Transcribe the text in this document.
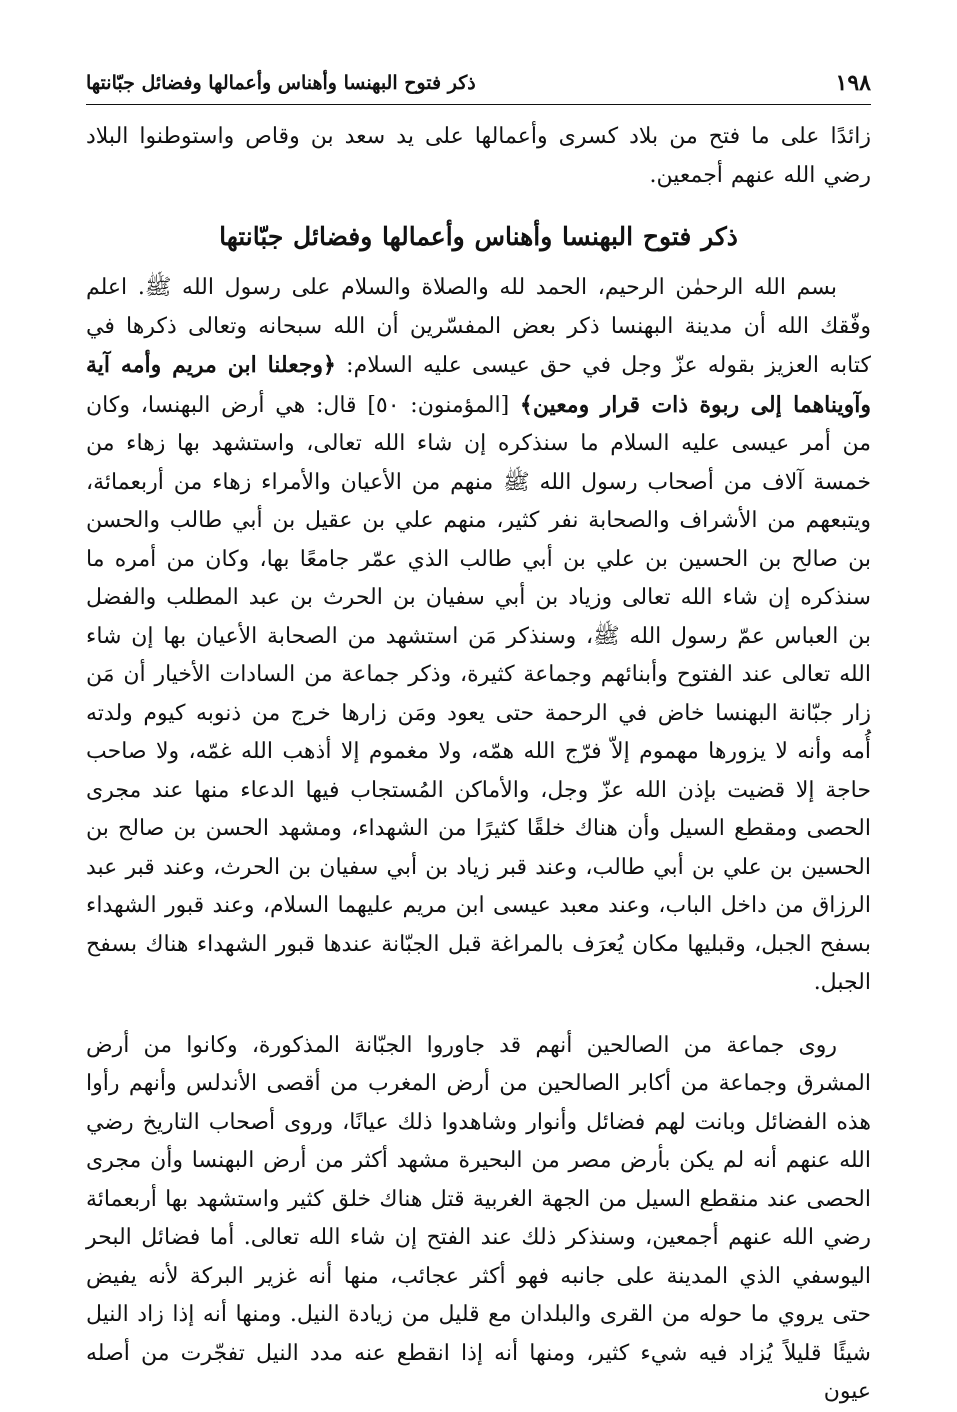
١٩٨
ذكر فتوح البهنسا وأهناس وأعمالها وفضائل جبّانتها

زائدًا على ما فتح من بلاد كسرى وأعمالها على يد سعد بن وقاص واستوطنوا البلاد رضي الله عنهم أجمعين.

ذكر فتوح البهنسا وأهناس وأعمالها وفضائل جبّانتها

بسم الله الرحمٰن الرحيم، الحمد لله والصلاة والسلام على رسول الله ﷺ. اعلم وفّقك الله أن مدينة البهنسا ذكر بعض المفسّرين أن الله سبحانه وتعالى ذكرها في كتابه العزيز بقوله عزّ وجل في حق عيسى عليه السلام: ﴿وجعلنا ابن مريم وأمه آية وآويناهما إلى ربوة ذات قرار ومعين﴾ [المؤمنون: ٥٠] قال: هي أرض البهنسا، وكان من أمر عيسى عليه السلام ما سنذكره إن شاء الله تعالى، واستشهد بها زهاء من خمسة آلاف من أصحاب رسول الله ﷺ منهم من الأعيان والأمراء زهاء من أربعمائة، ويتبعهم من الأشراف والصحابة نفر كثير، منهم علي بن عقيل بن أبي طالب والحسن بن صالح بن الحسين بن علي بن أبي طالب الذي عمّر جامعًا بها، وكان من أمره ما سنذكره إن شاء الله تعالى وزياد بن أبي سفيان بن الحرث بن عبد المطلب والفضل بن العباس عمّ رسول الله ﷺ، وسنذكر مَن استشهد من الصحابة الأعيان بها إن شاء الله تعالى عند الفتوح وأبنائهم وجماعة كثيرة، وذكر جماعة من السادات الأخيار أن مَن زار جبّانة البهنسا خاض في الرحمة حتى يعود ومَن زارها خرج من ذنوبه كيوم ولدته أُمه وأنه لا يزورها مهموم إلاّ فرّج الله همّه، ولا مغموم إلا أذهب الله غمّه، ولا صاحب حاجة إلا قضيت بإذن الله عزّ وجل، والأماكن المُستجاب فيها الدعاء منها عند مجرى الحصى ومقطع السيل وأن هناك خلقًا كثيرًا من الشهداء، ومشهد الحسن بن صالح بن الحسين بن علي بن أبي طالب، وعند قبر زياد بن أبي سفيان بن الحرث، وعند قبر عبد الرزاق من داخل الباب، وعند معبد عيسى ابن مريم عليهما السلام، وعند قبور الشهداء بسفح الجبل، وقبليها مكان يُعرَف بالمراغة قبل الجبّانة عندها قبور الشهداء هناك بسفح الجبل.

روى جماعة من الصالحين أنهم قد جاوروا الجبّانة المذكورة، وكانوا من أرض المشرق وجماعة من أكابر الصالحين من أرض المغرب من أقصى الأندلس وأنهم رأوا هذه الفضائل وبانت لهم فضائل وأنوار وشاهدوا ذلك عيانًا، وروى أصحاب التاريخ رضي الله عنهم أنه لم يكن بأرض مصر من البحيرة مشهد أكثر من أرض البهنسا وأن مجرى الحصى عند منقطع السيل من الجهة الغربية قتل هناك خلق كثير واستشهد بها أربعمائة رضي الله عنهم أجمعين، وسنذكر ذلك عند الفتح إن شاء الله تعالى. أما فضائل البحر اليوسفي الذي المدينة على جانبه فهو أكثر عجائب، منها أنه غزير البركة لأنه يفيض حتى يروي ما حوله من القرى والبلدان مع قليل من زيادة النيل. ومنها أنه إذا زاد النيل شيئًا قليلاً يُزاد فيه شيء كثير، ومنها أنه إذا انقطع عنه مدد النيل تفجّرت من أصله عيون
